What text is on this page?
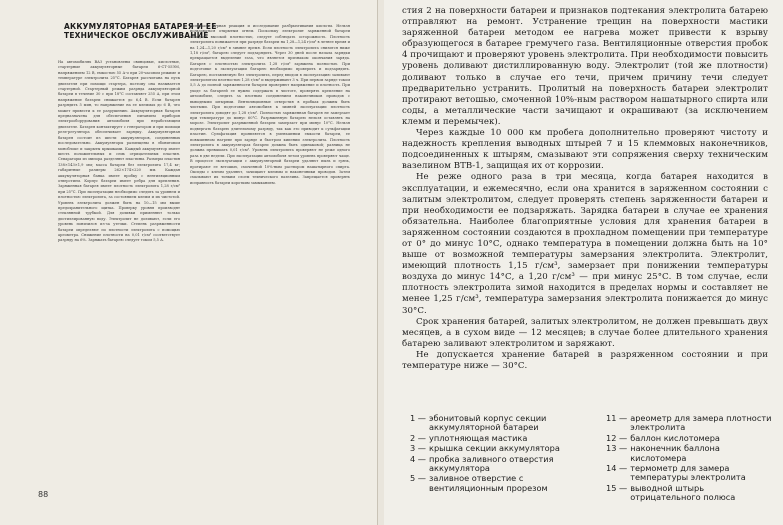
АККУМУЛЯТОРНАЯ БАТАРЕЯ И ЕЕ ТЕХНИЧЕСКОЕ ОБСЛУЖИВАНИЕ
На автомобилях ВАЗ установлены свинцовые, кислотные, стартерные аккумуляторные батареи 6-СТ-55ЭМ, напряжением 12 В, емкостью 55 А·ч при 20-часовом режиме и температуре электролита 25°С. Батарея рассчитана на пуск двигателя при помощи стартера, поэтому она называется стартерной. Стартерный режим разряда аккумуляторной батареи в течение 30 с при 18°С составляет 255 А, при этом напряжение батареи снижается до 6,4 В. Если батарея разрядить 5 мин, то напряжение на ее клеммах до 6 В, что может привести к ее разрушению. Аккумуляторная батарея предназначена для обеспечения питанием приборов электрооборудования автомобиля при неработающем двигателе. Батарея контактирует с генератором и при помощи реле-регулятора обеспечивает зарядку. Аккумуляторная батарея состоит из шести аккумуляторов, соединенных последовательно. Аккумуляторы размещены в эбонитовом моноблоке и закрыты крышками. Каждый аккумулятор имеет шесть положительных и семь отрицательных пластин. Сепараторы из мипора разделяют пластины. Размеры пластин 138×143×1,9 мм; масса батареи без электролита 17,4 кг; габаритные размеры 262×174×220 мм. Каждая аккумуляторная банка имеет пробку с вентиляционным отверстием. Корпус батареи имеет ребра для крепления. Заряженная батарея имеет плотность электролита 1,28 г/см³ при 25°С. При эксплуатации необходимо следить за уровнем и плотностью электролита, за состоянием клемм и их чистотой. Уровень электролита должен быть на 10—15 мм выше предохранительного щитка. Проверку уровня производят стеклянной трубкой. Для доливки применяют только дистиллированную воду. Электролит не доливают, если его уровень понизился из-за утечки. Степень разряженности батареи определяют по плотности электролита с помощью ареометра. Снижение плотности на 0,01 г/см³ соответствует разряду на 6%. Заряжать батарею следует током 5,5 А.
возникает бурная реакция и исследование разбрызгивания кислоты. Нельзя пользоваться открытым огнем. Поскольку электролит заряженной батареи обладает высокой плотностью, следует соблюдать осторожность. Плотность электролита понижается при разряде батареи на 1,28—1,24 г/см³ в летнее время и на 1,24—1,20 г/см³ в зимнее время. Если плотность электролита снизится ниже 1,18 г/см³, батарею следует подзарядить. Через 30 дней после начала зарядки прекращается выделение газа, что является признаком окончания заряда. Батарея с плотностью электролита 1,28 г/см³ заряжена полностью. При подготовке к эксплуатации батарею необходимо проверить и подзарядить. Батарею, поставляемую без электролита, перед вводом в эксплуатацию заливают электролитом плотностью 1,28 г/см³ и выдерживают 3 ч. При первом заряде током 5,5 А до полной заряженности батареи проверяют напряжение и плотность. При уходе за батареей ее нужно содержать в чистоте, проверять крепление на автомобиле, следить за плотным соединением наконечников проводов с выводными штырями. Вентиляционные отверстия в пробках должны быть чистыми. При подготовке автомобиля к зимней эксплуатации плотность электролита доводят до 1,28 г/см³. Полностью заряженная батарея не замерзает при температуре до минус 60°С. Разряженную батарею нельзя оставлять на морозе. Электролит разряженной батареи замерзает при минус 10°С. Нельзя подвергать батарею длительному разряду, так как это приводит к сульфатации пластин. Сульфатация проявляется в уменьшении емкости батареи, ее повышенном нагреве при заряде и быстром кипении электролита. Плотность электролита в аккумуляторах батареи должна быть одинаковой; разница не должна превышать 0,01 г/см³. Уровень электролита проверяют не реже одного раза в две недели. При эксплуатации автомобиля летом уровень проверяют чаще. В процессе эксплуатации с аккумуляторной батареи удаляют пыль и грязь, протирают ее ветошью, смоченной 10%-ным раствором нашатырного спирта. Оксиды с клемм удаляют, зачищают клеммы и наконечники проводов. Затем смазывают их тонким слоем технического вазелина. Запрещается проверять исправность батареи коротким замыканием.
88

стия 2 на поверхности батареи и признаков подтекания электролита батарею отправляют на ремонт. Устранение трещин на поверхности мастики заряженной батареи методом ее нагрева может привести к взрыву образующегося в батарее гремучего газа. Вентиляционные отверстия пробок 4 прочищают и проверяют уровень электролита. При необходимости повысить уровень доливают дистиллированную воду. Электролит (той же плотности) доливают только в случае его течи, причем причину течи следует предварительно устранить. Пролитый на поверхность батареи электролит протирают ветошью, смоченной 10%-ным раствором нашатырного спирта или соды, а металлические части зачищают и окрашивают (за исключением клемм и перемычек).

Через каждые 10 000 км пробега дополнительно проверяют чистоту и надежность крепления выводных штырей 7 и 15 клеммовых наконечников, подсоединенных к штырям, смазывают эти сопряжения сверху техническим вазелином ВТВ-1, защищая их от коррозии.

Не реже одного раза в три месяца, когда батарея находится в эксплуатации, и ежемесячно, если она хранится в заряженном состоянии с залитым электролитом, следует проверять степень заряженности батареи и при необходимости ее подзаряжать. Зарядка батареи в случае ее хранения обязательна. Наиболее благоприятные условия для хранения батареи в заряженном состоянии создаются в прохладном помещении при температуре от 0° до минус 10°С, однако температура в помещении должна быть на 10° выше от возможной температуры замерзания электролита. Электролит, имеющий плотность 1,15 г/см³, замерзает при понижении температуры воздуха до минус 14°С, а 1,20 г/см³ — при минус 25°С. В том случае, если плотность электролита зимой находится в пределах нормы и составляет не менее 1,25 г/см³, температура замерзания электролита понижается до минус 30°С.

Срок хранения батарей, залитых электролитом, не должен превышать двух месяцев, а в сухом виде — 12 месяцев; в случае более длительного хранения батарею заливают электролитом и заряжают.

Не допускается хранение батарей в разряженном состоянии и при температуре ниже — 30°С.

1 — эбонитовый корпус секции аккумуляторной батареи
2 — уплотняющая мастика
3 — крышка секции аккумулятора
4 — пробка заливного отверстия аккумулятора
5 — заливное отверстие с вентиляционным прорезом
11 — ареометр для замера плотности электролита
12 — баллон кислотомера
13 — наконечник баллона кислотомера
14 — термометр для замера температуры электролита
15 — выводной штырь отрицательного полюса
